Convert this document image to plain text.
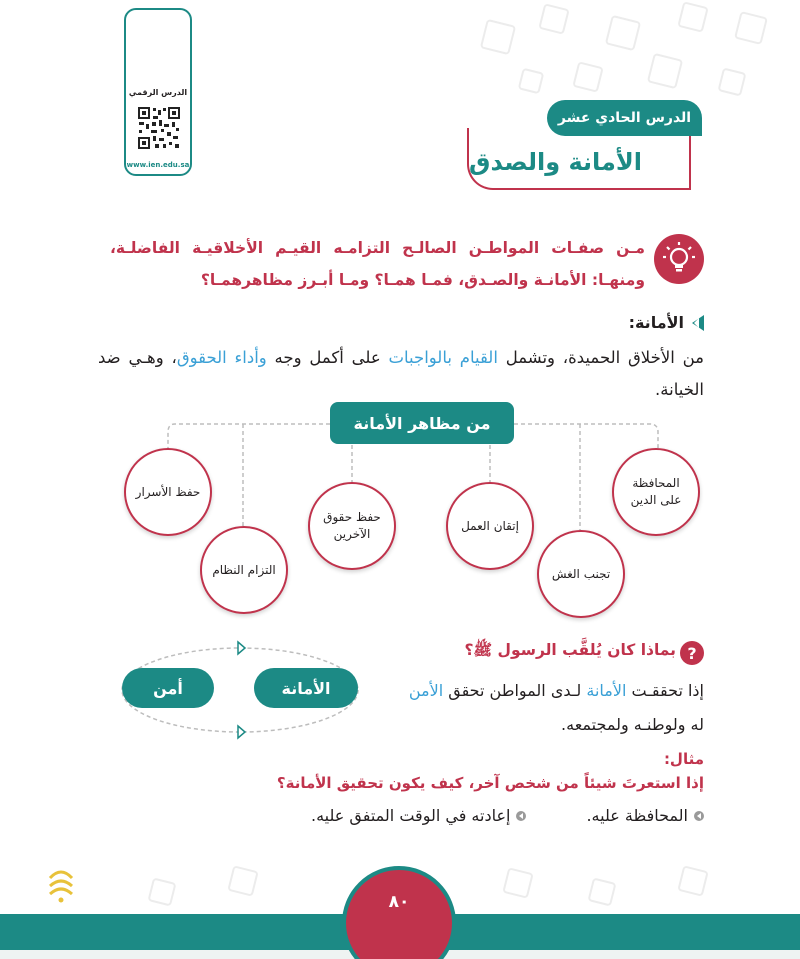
الدرس الرقمي
www.ien.edu.sa
الدرس الحادي عشر
الأمانة والصدق
مـن صفـات المواطـن الصالـح التزامـه القيـم الأخلاقيـة الفاضلـة، ومنهـا: الأمانـة والصـدق، فمـا همـا؟ ومـا أبـرز مظاهرهمـا؟
الأمانة:
من الأخلاق الحميدة، وتشمل القيام بالواجبات على أكمل وجه وأداء الحقوق، وهـي ضد الخيانة.
من مظاهر الأمانة
المحافظة على الدين
تجنب الغش
إتقان العمل
حفظ حقوق الآخرين
التزام النظام
حفظ الأسرار
?
بماذا كان يُلقَّب الرسول ﷺ؟
إذا تحققـت الأمانة لـدى المواطن تحقق الأمن له ولوطنـه ولمجتمعه.
أمن	الأمانة
مثال:
إذا استعرتَ شيئاً من شخص آخر، كيف يكون تحقيق الأمانة؟
المحافظة عليه.
إعادته في الوقت المتفق عليه.
٨٠
